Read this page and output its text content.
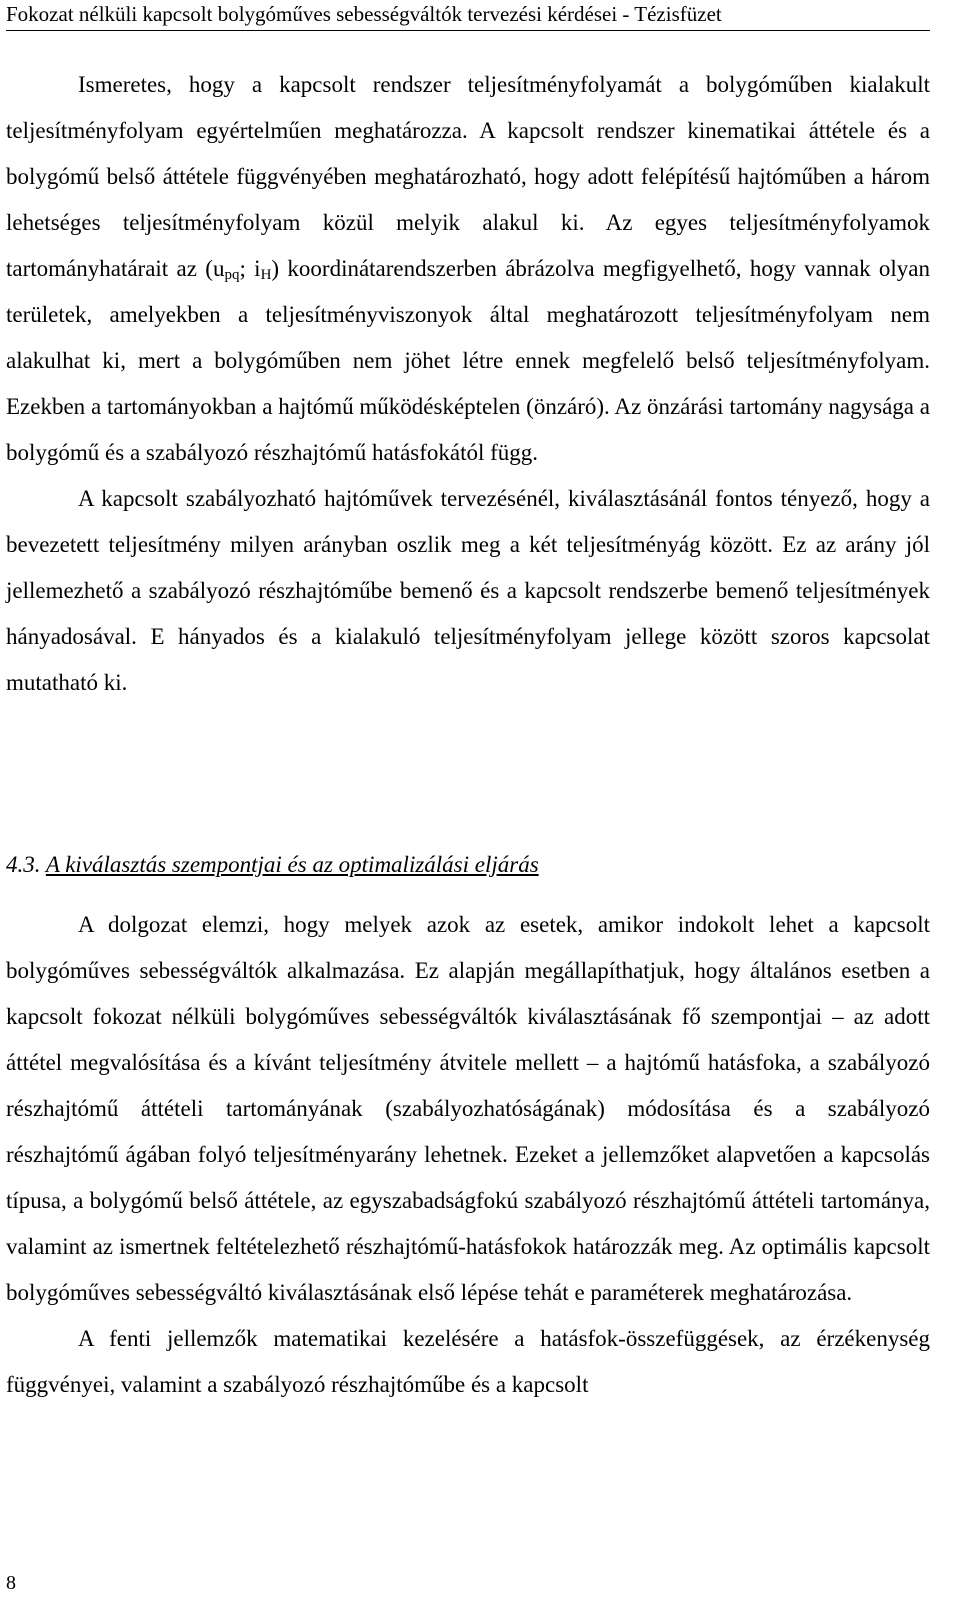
Fokozat nélküli kapcsolt bolygóműves sebességváltók tervezési kérdései - Tézisfüzet

Ismeretes, hogy a kapcsolt rendszer teljesítményfolyamát a bolygóműben kialakult teljesítményfolyam egyértelműen meghatározza. A kapcsolt rendszer kinematikai áttétele és a bolygómű belső áttétele függvényében meghatározható, hogy adott felépítésű hajtóműben a három lehetséges teljesítményfolyam közül melyik alakul ki. Az egyes teljesítményfolyamok tartományhatárait az ($u_{pq}$; $i_H$) koordinátarendszerben ábrázolva megfigyelhető, hogy vannak olyan területek, amelyekben a teljesítményviszonyok által meghatározott teljesítményfolyam nem alakulhat ki, mert a bolygóműben nem jöhet létre ennek megfelelő belső teljesítményfolyam. Ezekben a tartományokban a hajtómű működésképtelen (önzáró). Az önzárási tartomány nagysága a bolygómű és a szabályozó részhajtómű hatásfokától függ.

A kapcsolt szabályozható hajtóművek tervezésénél, kiválasztásánál fontos tényező, hogy a bevezetett teljesítmény milyen arányban oszlik meg a két teljesítményág között. Ez az arány jól jellemezhető a szabályozó részhajtóműbe bemenő és a kapcsolt rendszerbe bemenő teljesítmények hányadosával. E hányados és a kialakuló teljesítményfolyam jellege között szoros kapcsolat mutatható ki.

4.3. A kiválasztás szempontjai és az optimalizálási eljárás

A dolgozat elemzi, hogy melyek azok az esetek, amikor indokolt lehet a kapcsolt bolygóműves sebességváltók alkalmazása. Ez alapján megállapíthatjuk, hogy általános esetben a kapcsolt fokozat nélküli bolygóműves sebességváltók kiválasztásának fő szempontjai – az adott áttétel megvalósítása és a kívánt teljesítmény átvitele mellett – a hajtómű hatásfoka, a szabályozó részhajtómű áttételi tartományának (szabályozhatóságának) módosítása és a szabályozó részhajtómű ágában folyó teljesítményarány lehetnek. Ezeket a jellemzőket alapvetően a kapcsolás típusa, a bolygómű belső áttétele, az egyszabadságfokú szabályozó részhajtómű áttételi tartománya, valamint az ismertnek feltételezhető részhajtómű-hatásfokok határozzák meg. Az optimális kapcsolt bolygóműves sebességváltó kiválasztásának első lépése tehát e paraméterek meghatározása.

A fenti jellemzők matematikai kezelésére a hatásfok-összefüggések, az érzékenység függvényei, valamint a szabályozó részhajtóműbe és a kapcsolt

8
